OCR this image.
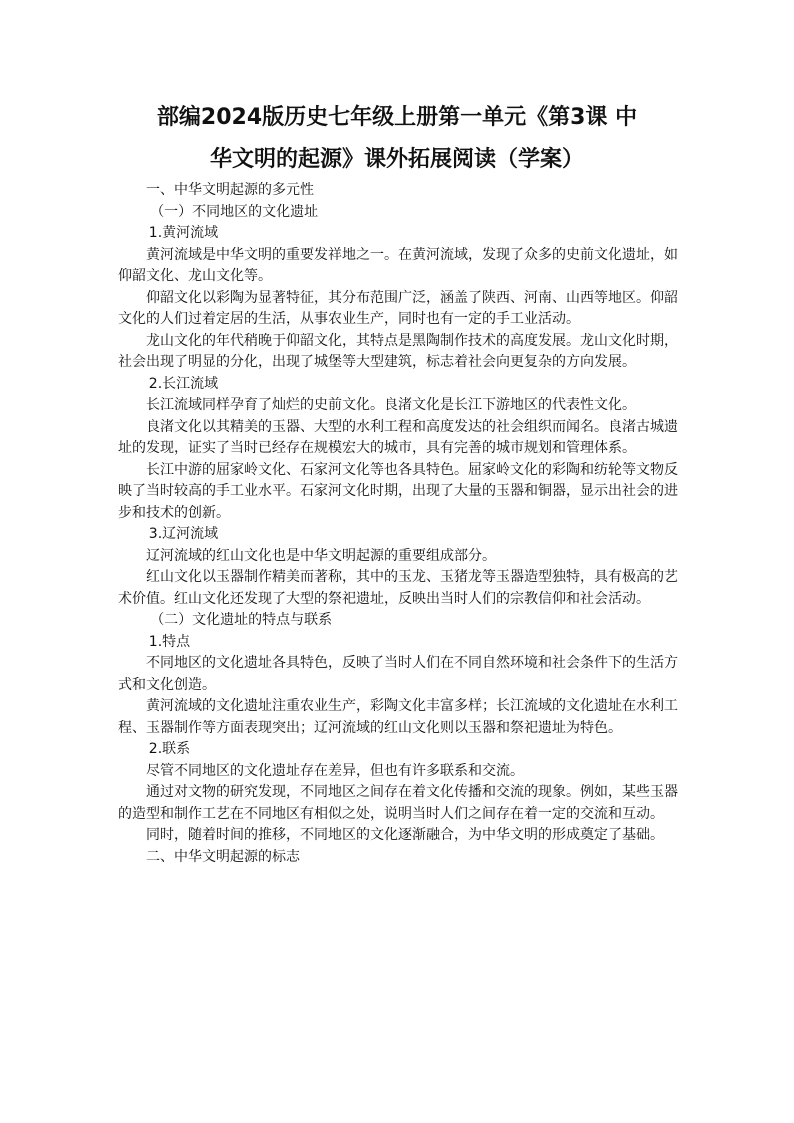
部编2024版历史七年级上册第一单元《第3课 中
华文明的起源》课外拓展阅读（学案）
一、中华文明起源的多元性
（一）不同地区的文化遗址
1.黄河流域

黄河流域是中华文明的重要发祥地之一。在黄河流域，发现了众多的史前文化遗址，如仰韶文化、龙山文化等。

仰韶文化以彩陶为显著特征，其分布范围广泛，涵盖了陕西、河南、山西等地区。仰韶文化的人们过着定居的生活，从事农业生产，同时也有一定的手工业活动。

龙山文化的年代稍晚于仰韶文化，其特点是黑陶制作技术的高度发展。龙山文化时期，社会出现了明显的分化，出现了城堡等大型建筑，标志着社会向更复杂的方向发展。

2.长江流域

长江流域同样孕育了灿烂的史前文化。良渚文化是长江下游地区的代表性文化。

良渚文化以其精美的玉器、大型的水利工程和高度发达的社会组织而闻名。良渚古城遗址的发现，证实了当时已经存在规模宏大的城市，具有完善的城市规划和管理体系。

长江中游的屈家岭文化、石家河文化等也各具特色。屈家岭文化的彩陶和纺轮等文物反映了当时较高的手工业水平。石家河文化时期，出现了大量的玉器和铜器，显示出社会的进步和技术的创新。

3.辽河流域

辽河流域的红山文化也是中华文明起源的重要组成部分。

红山文化以玉器制作精美而著称，其中的玉龙、玉猪龙等玉器造型独特，具有极高的艺术价值。红山文化还发现了大型的祭祀遗址，反映出当时人们的宗教信仰和社会活动。

（二）文化遗址的特点与联系
1.特点

不同地区的文化遗址各具特色，反映了当时人们在不同自然环境和社会条件下的生活方式和文化创造。

黄河流域的文化遗址注重农业生产，彩陶文化丰富多样；长江流域的文化遗址在水利工程、玉器制作等方面表现突出；辽河流域的红山文化则以玉器和祭祀遗址为特色。

2.联系

尽管不同地区的文化遗址存在差异，但也有许多联系和交流。

通过对文物的研究发现，不同地区之间存在着文化传播和交流的现象。例如，某些玉器的造型和制作工艺在不同地区有相似之处，说明当时人们之间存在着一定的交流和互动。

同时，随着时间的推移，不同地区的文化逐渐融合，为中华文明的形成奠定了基础。

二、中华文明起源的标志
